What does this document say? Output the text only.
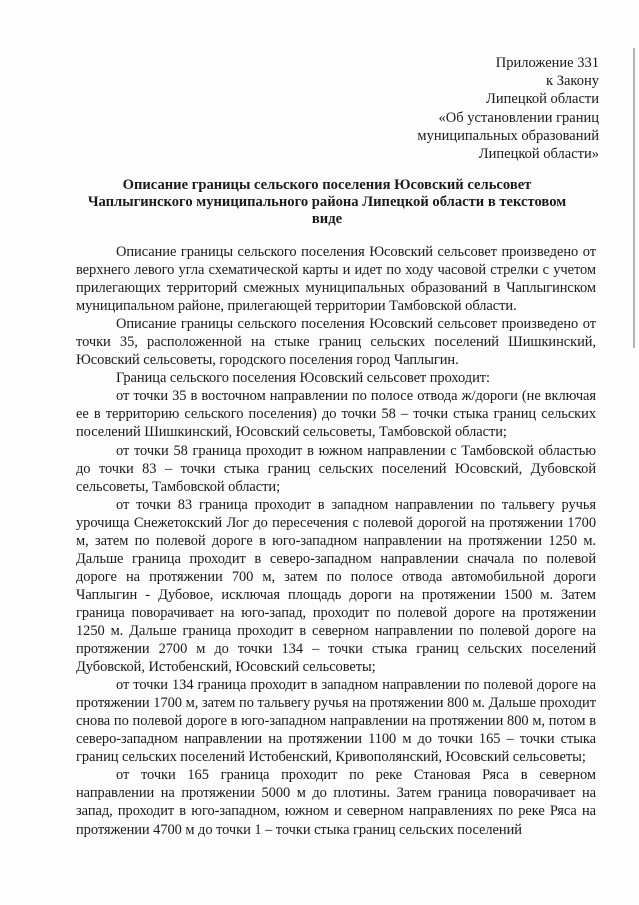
Приложение 331
к Закону
Липецкой области
«Об установлении границ
муниципальных образований
Липецкой области»
Описание границы сельского поселения Юсовский сельсовет
Чаплыгинского муниципального района Липецкой области в текстовом
виде

Описание границы сельского поселения Юсовский сельсовет произведено от верхнего левого угла схематической карты и идет по ходу часовой стрелки с учетом прилегающих территорий смежных муниципальных образований в Чаплыгинском муниципальном районе, прилегающей территории Тамбовской области.

Описание границы сельского поселения Юсовский сельсовет произведено от точки 35, расположенной на стыке границ сельских поселений Шишкинский, Юсовский сельсоветы, городского поселения город Чаплыгин.

Граница сельского поселения Юсовский сельсовет проходит:

от точки 35 в восточном направлении по полосе отвода ж/дороги (не включая ее в территорию сельского поселения) до точки 58 – точки стыка границ сельских поселений Шишкинский, Юсовский сельсоветы, Тамбовской области;

от точки 58 граница проходит в южном направлении с Тамбовской областью до точки 83 – точки стыка границ сельских поселений Юсовский, Дубовской сельсоветы, Тамбовской области;

от точки 83 граница проходит в западном направлении по тальвегу ручья урочища Снежетокский Лог до пересечения с полевой дорогой на протяжении 1700 м, затем по полевой дороге в юго-западном направлении на протяжении 1250 м. Дальше граница проходит в северо-западном направлении сначала по полевой дороге на протяжении 700 м, затем по полосе отвода автомобильной дороги Чаплыгин - Дубовое, исключая площадь дороги на протяжении 1500 м. Затем граница поворачивает на юго-запад, проходит по полевой дороге на протяжении 1250 м. Дальше граница проходит в северном направлении по полевой дороге на протяжении 2700 м до точки 134 – точки стыка границ сельских поселений Дубовской, Истобенский, Юсовский сельсоветы;

от точки 134 граница проходит в западном направлении по полевой дороге на протяжении 1700 м, затем по тальвегу ручья на протяжении 800 м. Дальше проходит снова по полевой дороге в юго-западном направлении на протяжении 800 м, потом в северо-западном направлении на протяжении 1100 м до точки 165 – точки стыка границ сельских поселений Истобенский, Кривополянский, Юсовский сельсоветы;

от точки 165 граница проходит по реке Становая Ряса в северном направлении на протяжении 5000 м до плотины. Затем граница поворачивает на запад, проходит в юго-западном, южном и северном направлениях по реке Ряса на протяжении 4700 м до точки 1 – точки стыка границ сельских поселений
